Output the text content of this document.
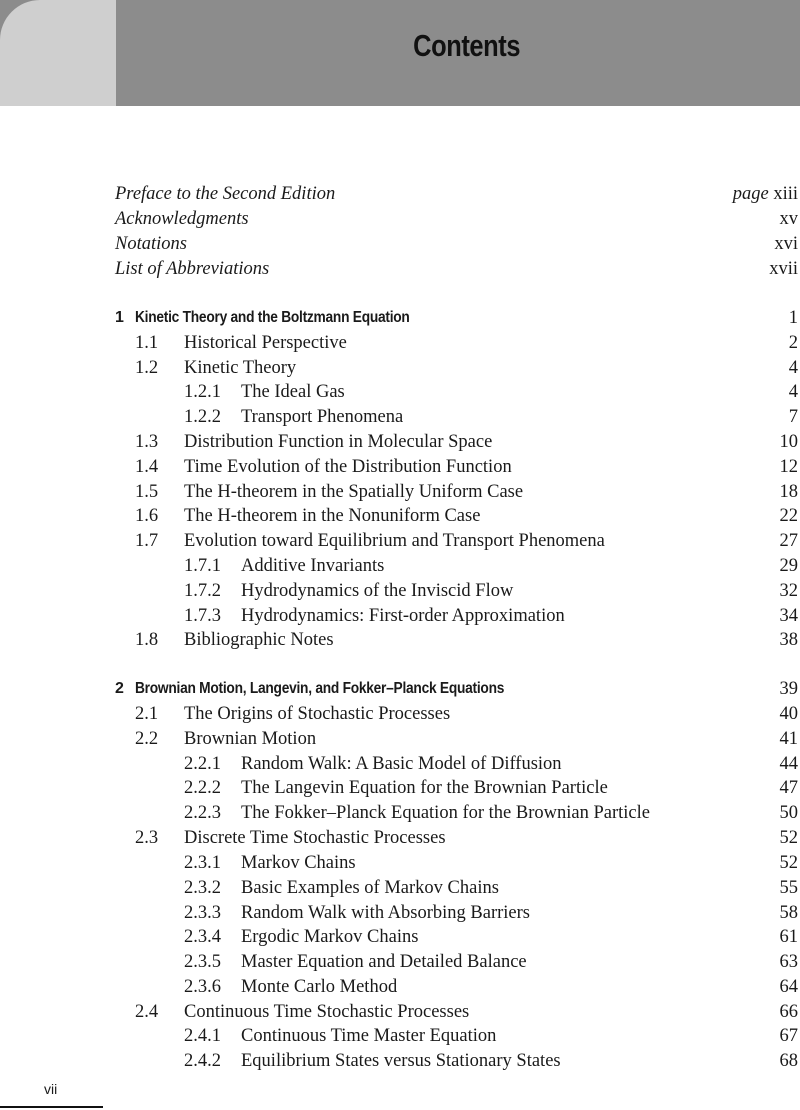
Contents
Preface to the Second Edition	page xiii
Acknowledgments	xv
Notations	xvi
List of Abbreviations	xvii
1 Kinetic Theory and the Boltzmann Equation	1
1.1 Historical Perspective	2
1.2 Kinetic Theory	4
1.2.1 The Ideal Gas	4
1.2.2 Transport Phenomena	7
1.3 Distribution Function in Molecular Space	10
1.4 Time Evolution of the Distribution Function	12
1.5 The H-theorem in the Spatially Uniform Case	18
1.6 The H-theorem in the Nonuniform Case	22
1.7 Evolution toward Equilibrium and Transport Phenomena	27
1.7.1 Additive Invariants	29
1.7.2 Hydrodynamics of the Inviscid Flow	32
1.7.3 Hydrodynamics: First-order Approximation	34
1.8 Bibliographic Notes	38
2 Brownian Motion, Langevin, and Fokker–Planck Equations	39
2.1 The Origins of Stochastic Processes	40
2.2 Brownian Motion	41
2.2.1 Random Walk: A Basic Model of Diffusion	44
2.2.2 The Langevin Equation for the Brownian Particle	47
2.2.3 The Fokker–Planck Equation for the Brownian Particle	50
2.3 Discrete Time Stochastic Processes	52
2.3.1 Markov Chains	52
2.3.2 Basic Examples of Markov Chains	55
2.3.3 Random Walk with Absorbing Barriers	58
2.3.4 Ergodic Markov Chains	61
2.3.5 Master Equation and Detailed Balance	63
2.3.6 Monte Carlo Method	64
2.4 Continuous Time Stochastic Processes	66
2.4.1 Continuous Time Master Equation	67
2.4.2 Equilibrium States versus Stationary States	68
vii
